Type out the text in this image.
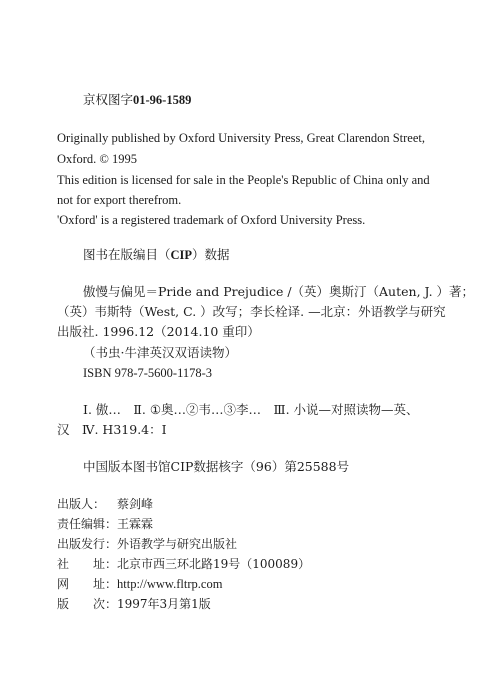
京权图字01-96-1589
Originally published by Oxford University Press, Great Clarendon Street,
Oxford. © 1995
This edition is licensed for sale in the People's Republic of China only and
not for export therefrom.
'Oxford' is a registered trademark of Oxford University Press.
图书在版编目（CIP）数据
傲慢与偏见＝Pride and Prejudice /（英）奥斯汀（Auten, J. ）著；
（英）韦斯特（West, C. ）改写；李长栓译. —北京：外语教学与研究
出版社. 1996.12（2014.10 重印）
（书虫·牛津英汉双语读物）
ISBN 978-7-5600-1178-3
Ⅰ. 傲…　Ⅱ. ①奥…②韦…③李…　Ⅲ. 小说—对照读物—英、
汉　Ⅳ. H319.4：I
中国版本图书馆CIP数据核字（96）第25588号
出版人： 蔡剑峰
责任编辑：王霖霖
出版发行：外语教学与研究出版社
社　　址：北京市西三环北路19号（100089）
网　　址：http://www.fltrp.com
版　　次：1997年3月第1版
